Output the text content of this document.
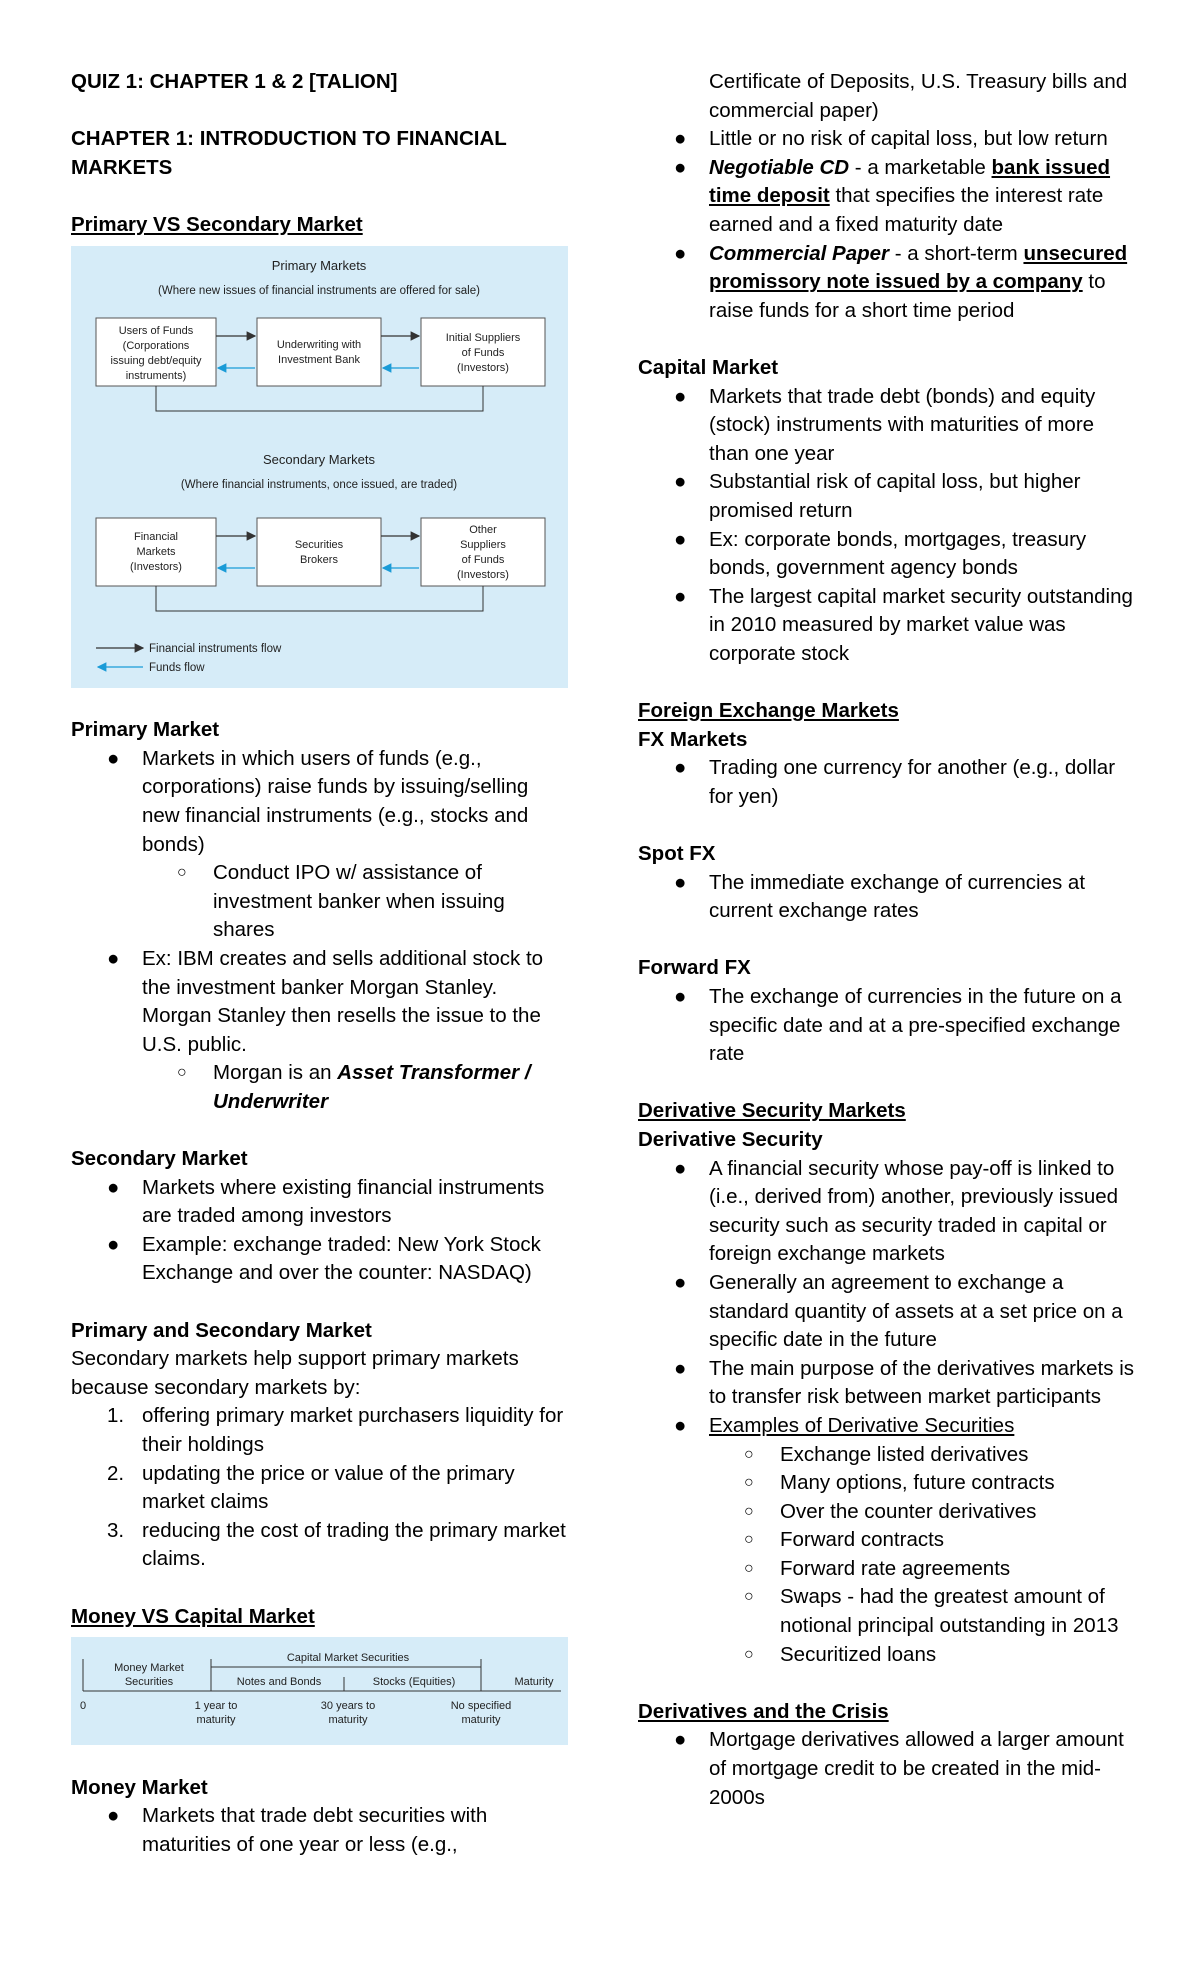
QUIZ 1: CHAPTER 1 & 2 [TALION]
CHAPTER 1: INTRODUCTION TO FINANCIAL MARKETS
Primary VS Secondary Market
Primary Markets
(Where new issues of financial instruments are offered for sale)
Users of Funds
(Corporations
issuing debt/equity
instruments)
Underwriting with
Investment Bank
Initial Suppliers
of Funds
(Investors)
Secondary Markets
(Where financial instruments, once issued, are traded)
Financial
Markets
(Investors)
Securities
Brokers
Other
Suppliers
of Funds
(Investors)
Financial instruments flow
Funds flow
Primary Market
● Markets in which users of funds (e.g., corporations) raise funds by issuing/selling new financial instruments (e.g., stocks and bonds)
○ Conduct IPO w/ assistance of investment banker when issuing shares
● Ex: IBM creates and sells additional stock to the investment banker Morgan Stanley. Morgan Stanley then resells the issue to the U.S. public.
○ Morgan is an Asset Transformer / Underwriter
Secondary Market
● Markets where existing financial instruments are traded among investors
● Example: exchange traded: New York Stock Exchange and over the counter: NASDAQ)
Primary and Secondary Market
Secondary markets help support primary markets because secondary markets by:
1. offering primary market purchasers liquidity for their holdings
2. updating the price or value of the primary market claims
3. reducing the cost of trading the primary market claims.
Money VS Capital Market
Money Market
Securities
Capital Market Securities
Notes and Bonds	Stocks (Equities)	Maturity
0	1 year to
maturity
30 years to
maturity
No specified
maturity
Money Market
● Markets that trade debt securities with maturities of one year or less (e.g.,
Certificate of Deposits, U.S. Treasury bills and commercial paper)
● Little or no risk of capital loss, but low return
● Negotiable CD - a marketable bank issued time deposit that specifies the interest rate earned and a fixed maturity date
● Commercial Paper - a short-term unsecured promissory note issued by a company to raise funds for a short time period
Capital Market
● Markets that trade debt (bonds) and equity (stock) instruments with maturities of more than one year
● Substantial risk of capital loss, but higher promised return
● Ex: corporate bonds, mortgages, treasury bonds, government agency bonds
● The largest capital market security outstanding in 2010 measured by market value was corporate stock
Foreign Exchange Markets
FX Markets
● Trading one currency for another (e.g., dollar for yen)
Spot FX
● The immediate exchange of currencies at current exchange rates
Forward FX
● The exchange of currencies in the future on a specific date and at a pre-specified exchange rate
Derivative Security Markets
Derivative Security
● A financial security whose pay-off is linked to (i.e., derived from) another, previously issued security such as security traded in capital or foreign exchange markets
● Generally an agreement to exchange a standard quantity of assets at a set price on a specific date in the future
● The main purpose of the derivatives markets is to transfer risk between market participants
● Examples of Derivative Securities
○ Exchange listed derivatives
○ Many options, future contracts
○ Over the counter derivatives
○ Forward contracts
○ Forward rate agreements
○ Swaps - had the greatest amount of notional principal outstanding in 2013
○ Securitized loans
Derivatives and the Crisis
● Mortgage derivatives allowed a larger amount of mortgage credit to be created in the mid-2000s
